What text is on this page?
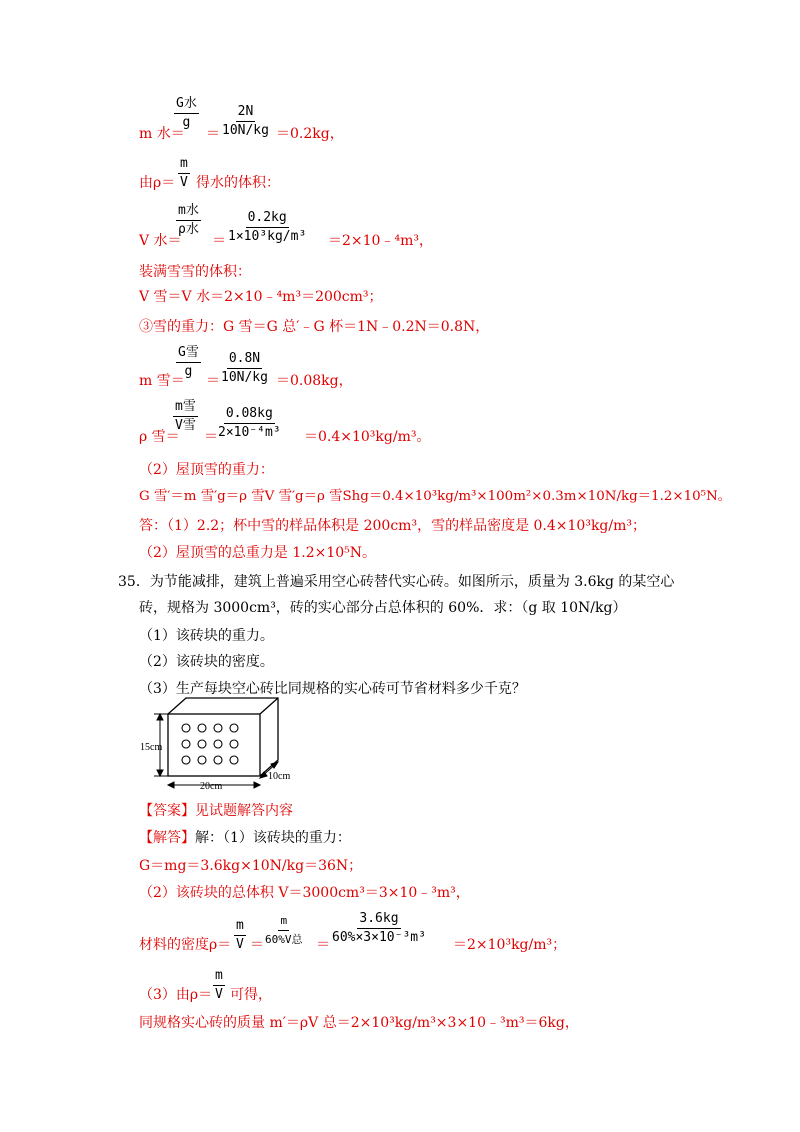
G水
g $\frac{2N}{10N/kg}$
m 水＝ ＝	＝0.2kg，
由$\rho= \frac{m}{V}$ 得水的体积：
m水
ρ水 $\frac{0.2kg}{\text{1×10³kg/m³}}$
V 水＝ ＝	＝2×10﹣⁴m³，
装满雪雪的体积：
V 雪＝V 水＝2×10﹣⁴m³＝200cm³；
③雪的重力：G 雪＝G 总′﹣G 杯＝1N﹣0.2N＝0.8N，
G雪
g $\frac{0.8N}{10N/kg}$
m 雪＝ ＝	＝0.08kg，
m雪
V雪 $\frac{0.08kg}{\text{2×10⁻⁴m³}}$
ρ 雪＝ ＝	＝0.4×10³kg/m³。
（2）屋顶雪的重力：
G 雪′＝m 雪′g＝ρ 雪V 雪′g＝ρ 雪Shg＝0.4×10³kg/m³×100m²×0.3m×10N/kg＝1.2×10⁵N。
答：（1）2.2；杯中雪的样品体积是 200cm³，雪的样品密度是 0.4×10³kg/m³；
（2）屋顶雪的总重力是 1.2×10⁵N。
35．为节能减排，建筑上普遍采用空心砖替代实心砖。如图所示，质量为 3.6kg 的某空心
砖，规格为 3000cm³，砖的实心部分占总体积的 60%．求：（g 取 10N/kg）
（1）该砖块的重力。
（2）该砖块的密度。
（3）生产每块空心砖比同规格的实心砖可节省材料多少千克？
15cm
20cm
10cm
【答案】见试题解答内容
【解答】解：（1）该砖块的重力：
G＝mg＝3.6kg×10N/kg＝36N；
（2）该砖块的总体积 V＝3000cm³＝3×10﹣³m³，
材料的密度$\rho= \frac{m}{V}$ ＝
m
60%V总 ＝ $\frac{3.6kg}{\text{60\%×3×10⁻³m³}} =2\times 10^3kg/m^3$；
（3）由$\rho= \frac{m}{V}$ 可得，
同规格实心砖的质量 m′＝ρV 总＝2×10³kg/m³×3×10﹣³m³＝6kg，
